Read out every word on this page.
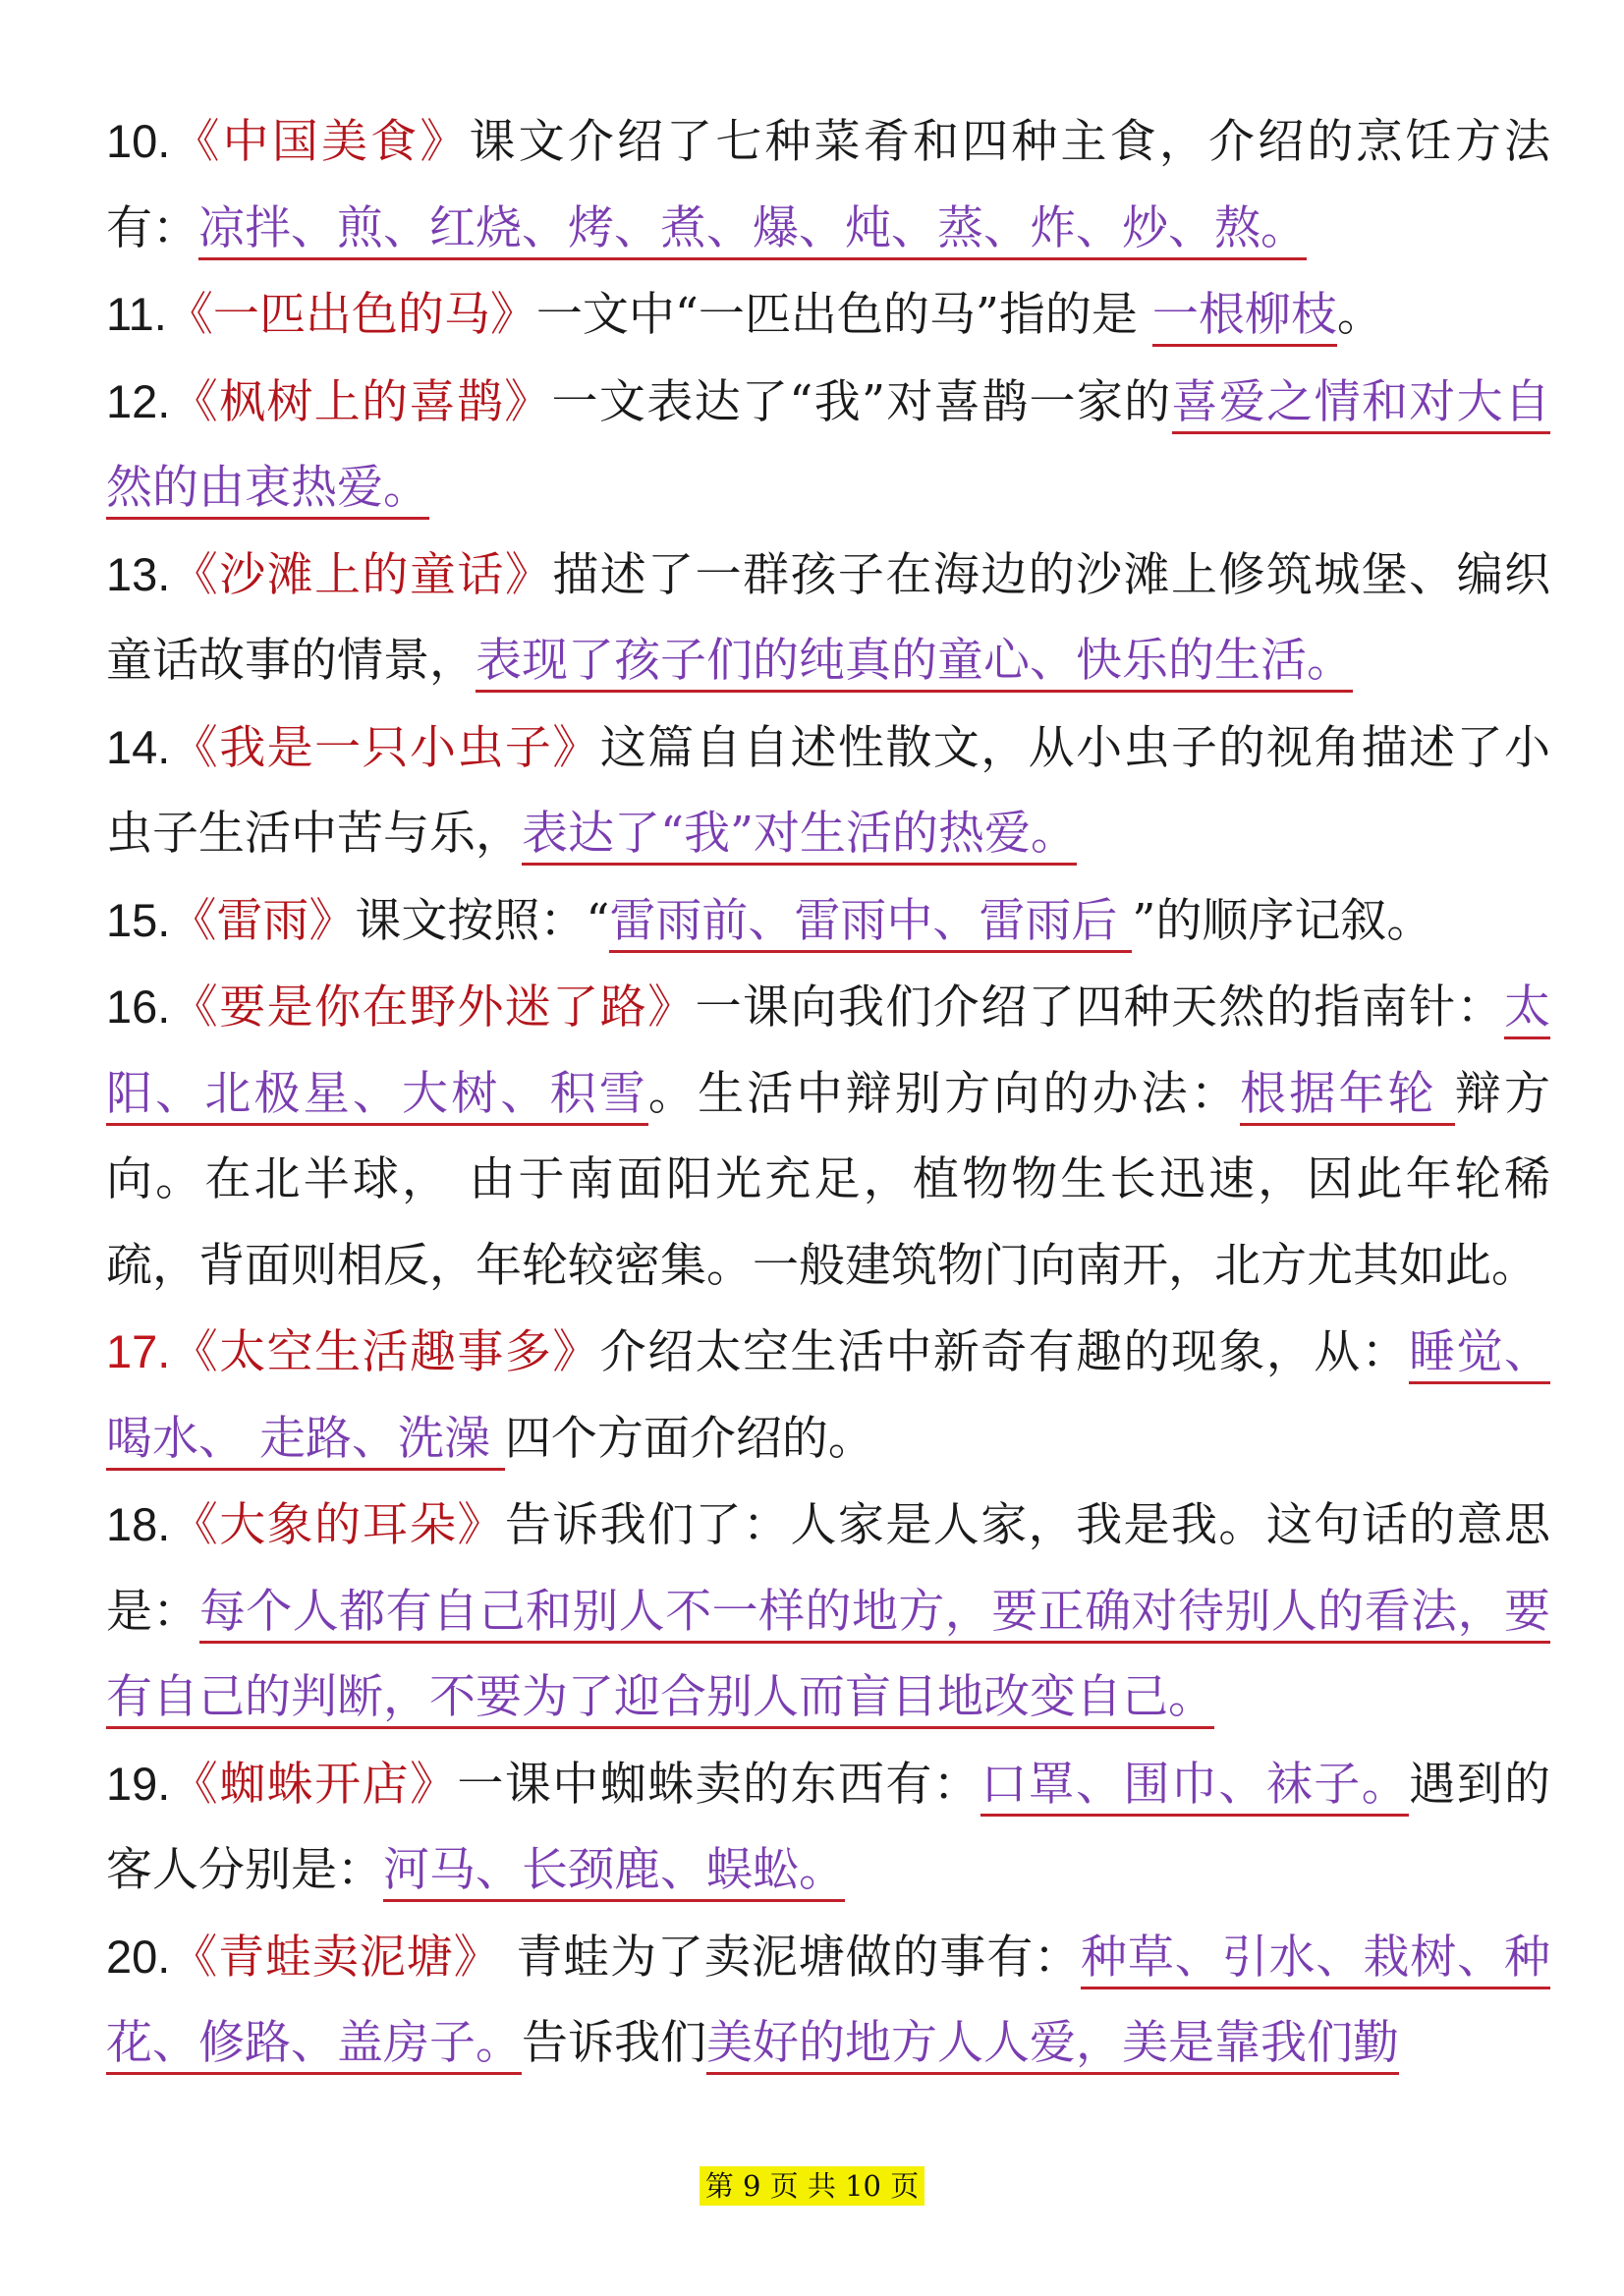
10.《中国美食》课文介绍了七种菜肴和四种主食，介绍的烹饪方法有：凉拌、煎、红烧、烤、煮、爆、炖、蒸、炸、炒、熬。

11.《一匹出色的马》一文中“一匹出色的马”指的是 一根柳枝。

12.《枫树上的喜鹊》一文表达了“我”对喜鹊一家的喜爱之情和对大自然的由衷热爱。

13.《沙滩上的童话》描述了一群孩子在海边的沙滩上修筑城堡、编织童话故事的情景，表现了孩子们的纯真的童心、快乐的生活。

14.《我是一只小虫子》这篇自自述性散文，从小虫子的视角描述了小虫子生活中苦与乐，表达了“我”对生活的热爱。

15.《雷雨》课文按照：“雷雨前、雷雨中、雷雨后 ”的顺序记叙。

16.《要是你在野外迷了路》一课向我们介绍了四种天然的指南针：太阳、北极星、大树、积雪。生活中辩别方向的办法：根据年轮 辩方向。在北半球， 由于南面阳光充足，植物物生长迅速，因此年轮稀疏，背面则相反，年轮较密集。一般建筑物门向南开，北方尤其如此。

17.《太空生活趣事多》介绍太空生活中新奇有趣的现象，从：睡觉、喝水、 走路、洗澡 四个方面介绍的。

18.《大象的耳朵》告诉我们了：人家是人家，我是我。这句话的意思是：每个人都有自己和别人不一样的地方，要正确对待别人的看法，要有自己的判断，不要为了迎合别人而盲目地改变自己。

19.《蜘蛛开店》一课中蜘蛛卖的东西有：口罩、围巾、袜子。遇到的客人分别是：河马、长颈鹿、蜈蚣。

20.《青蛙卖泥塘》 青蛙为了卖泥塘做的事有：种草、引水、栽树、种花、修路、盖房子。告诉我们美好的地方人人爱，美是靠我们勤

第 9 页 共 10 页
